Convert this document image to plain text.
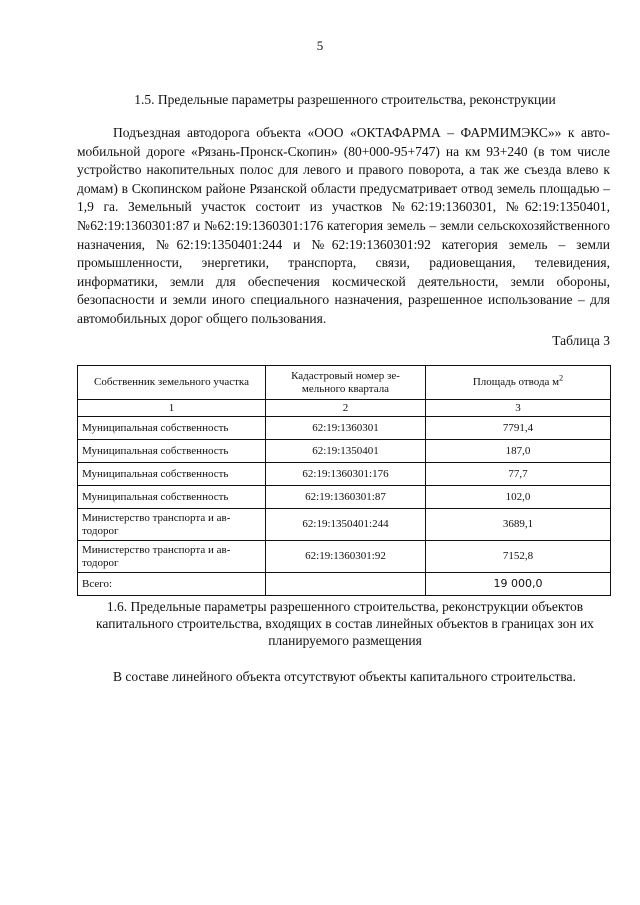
5
1.5. Предельные параметры разрешенного строительства, реконструкции
Подъездная автодорога объекта «ООО «ОКТАФАРМА – ФАРМИМЭКС»» к авто-мобильной дороге «Рязань-Пронск-Скопин» (80+000-95+747) на км 93+240 (в том числе устройство накопительных полос для левого и правого поворота, а так же съезда влево к домам) в Скопинском районе Рязанской области предусматривает отвод земель площадью – 1,9 га. Земельный участок состоит из участков №62:19:1360301, №62:19:1350401, №62:19:1360301:87 и №62:19:1360301:176 категория земель – земли сельскохозяйственного назначения, №62:19:1350401:244 и №62:19:1360301:92 категория земель – земли промышленности, энергетики, транспорта, связи, радиовещания, телевидения, информатики, земли для обеспечения космической деятельности, земли обороны, безопасности и земли иного специального назначения, разрешенное использование – для автомобильных дорог общего пользования.
Таблица 3
Собственник земельного участка	Кадастровый номер зе-мельного квартала	Площадь отвода $м^2$
1	2	3
Муниципальная собственность	62:19:1360301	7791,4
Муниципальная собственность	62:19:1350401	187,0
Муниципальная собственность	62:19:1360301:176	77,7
Муниципальная собственность	62:19:1360301:87	102,0
Министерство транспорта и ав-тодорог	62:19:1350401:244	3689,1
Министерство транспорта и ав-тодорог	62:19:1360301:92	7152,8
Всего:		19 000,0
1.6. Предельные параметры разрешенного строительства, реконструкции объектов капитального строительства, входящих в состав линейных объектов в границах зон их планируемого размещения
В составе линейного объекта отсутствуют объекты капитального строительства.
